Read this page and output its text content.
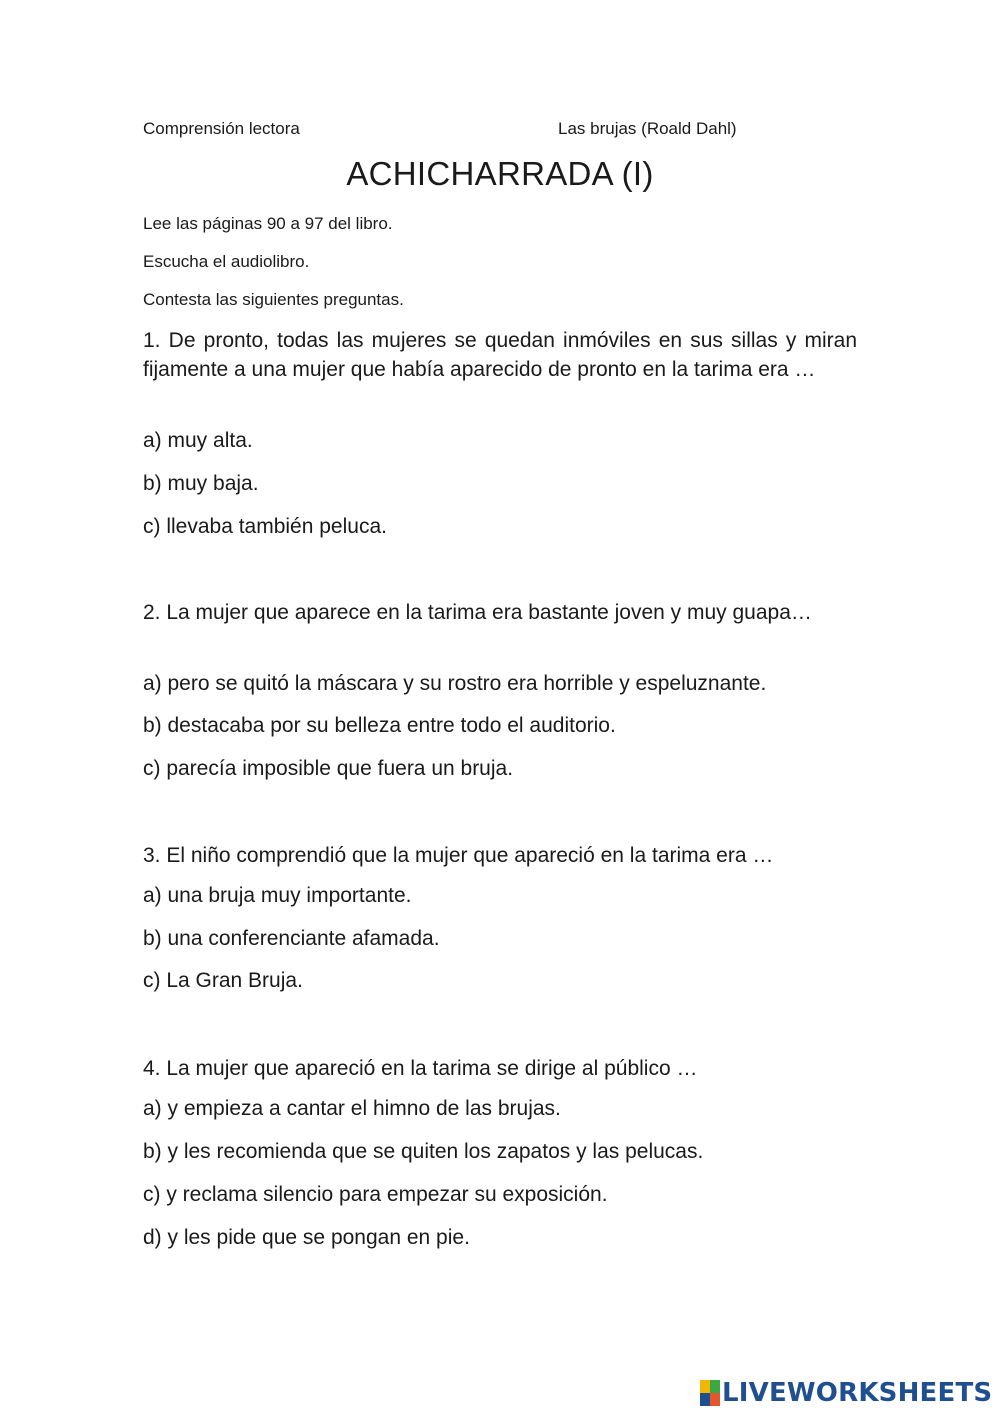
Comprensión lectora	Las brujas (Roald Dahl)
ACHICHARRADA (I)
Lee las páginas 90 a 97 del libro.
Escucha el audiolibro.
Contesta las siguientes preguntas.

1. De pronto, todas las mujeres se quedan inmóviles en sus sillas y miran fijamente a una mujer que había aparecido de pronto en la tarima era …

a) muy alta.
b) muy baja.
c) llevaba también peluca.

2. La mujer que aparece en la tarima era bastante joven y muy guapa…

a) pero se quitó la máscara y su rostro era horrible y espeluznante.
b) destacaba por su belleza entre todo el auditorio.
c) parecía imposible que fuera un bruja.

3. El niño comprendió que la mujer que apareció en la tarima era …

a) una bruja muy importante.
b) una conferenciante afamada.
c) La Gran Bruja.

4. La mujer que apareció en la tarima se dirige al público …

a) y empieza a cantar el himno de las brujas.
b) y les recomienda que se quiten los zapatos y las pelucas.
c) y reclama silencio para empezar su exposición.
d) y les pide que se pongan en pie.
LIVEWORKSHEETS
